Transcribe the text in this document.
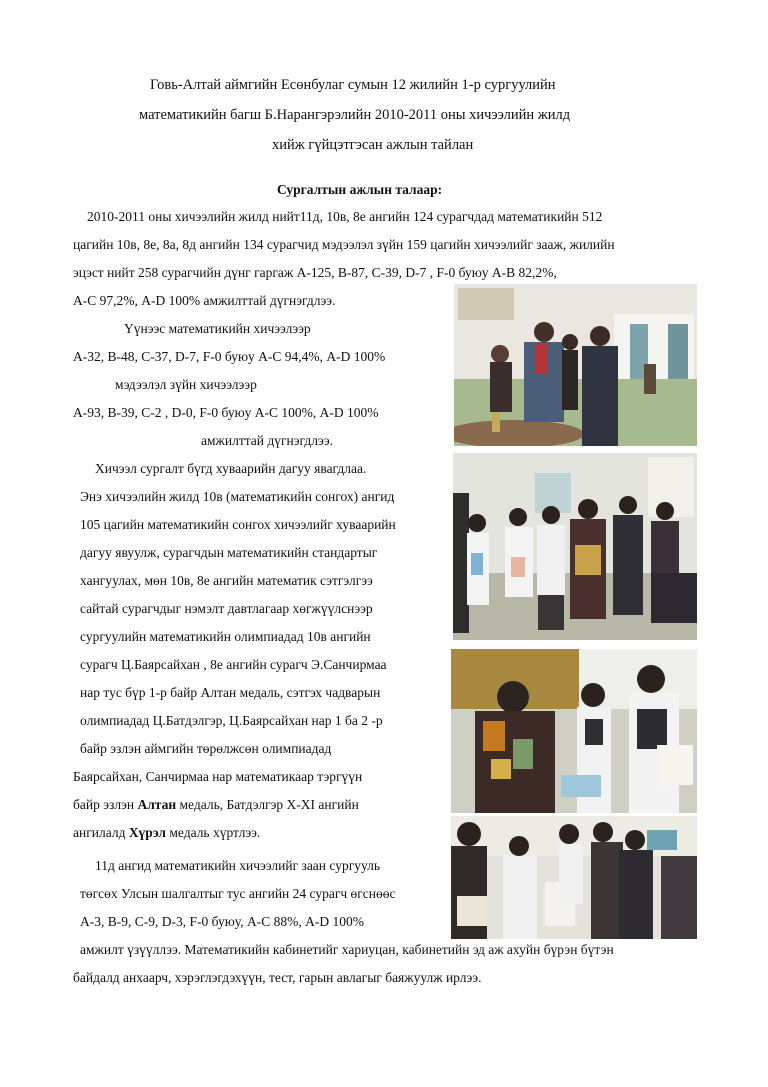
Говь-Алтай аймгийн Есөнбулаг сумын 12 жилийн 1-р сургуулийн
математикийн багш Б.Нарангэрэлийн 2010-2011 оны хичээлийн жилд
хийж гүйцэтгэсан ажлын тайлан
Сургалтын ажлын талаар:
2010-2011 оны хичээлийн жилд нийт11д, 10в, 8е ангийн 124 сурагчдад математикийн 512
цагийн 10в, 8е, 8а, 8д ангийн 134 сурагчид мэдээлэл зүйн 159 цагийн хичээлийг зааж, жилийн
эцэст нийт 258 сурагчийн дүнг гаргаж А-125, В-87, С-39, D-7 , F-0 буюу А-В 82,2%,
А-С 97,2%, А-D 100% амжилттай дүгнэгдлээ.
Үүнээс математикийн хичээлээр
А-32, В-48, С-37, D-7, F-0 буюу А-С 94,4%, А-D 100%
мэдээлэл зүйн хичээлээр
А-93, В-39, С-2 , D-0, F-0 буюу А-С 100%, А-D 100%
амжилттай дүгнэгдлээ.
Хичээл сургалт бүгд хуваарийн дагуу явагдлаа.
Энэ хичээлийн жилд 10в (математикийн сонгох) ангид
105 цагийн математикийн сонгох хичээлийг хуваарийн
дагуу явуулж, сурагчдын математикийн стандартыг
хангуулах, мөн 10в, 8е ангийн математик сэтгэлгээ
сайтай сурагчдыг нэмэлт давтлагаар хөгжүүлснээр
сургуулийн математикийн олимпиадад 10в ангийн
сурагч Ц.Баярсайхан , 8е ангийн сурагч Э.Санчирмаа
нар тус бүр 1-р байр Алтан медаль, сэтгэх чадварын
олимпиадад Ц.Батдэлгэр, Ц.Баярсайхан нар 1 ба 2 -р
байр эзлэн аймгийн төрөлжсөн олимпиадад
Баярсайхан, Санчирмаа нар математикаар тэргүүн
байр эзлэн Алтан медаль, Батдэлгэр Х-ХI ангийн
ангилалд Хүрэл медаль хүртлээ.
11д ангид математикийн хичээлийг заан сургууль
төгсөх Улсын шалгалтыг тус ангийн 24 сурагч өгснөөс
А-3, В-9, С-9, D-3, F-0 буюу, А-С 88%, А-D 100%
амжилт үзүүллээ. Математикийн кабинетийг хариуцан, кабинетийн эд аж ахуйн бүрэн бүтэн
байдалд анхаарч, хэрэглэгдэхүүн, тест, гарын авлагыг баяжуулж ирлээ.
